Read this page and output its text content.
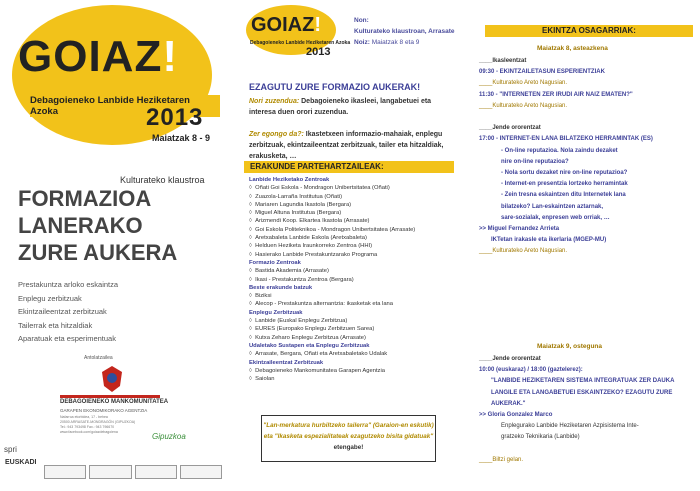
GOIAZ!
Debagoieneko Lanbide Heziketaren Azoka	2013
Maiatzak 8 - 9
Kulturateko klaustroa
FORMAZIOA
LANERAKO
ZURE AUKERA
Prestakuntza arloko eskaintza
Enplegu zerbitzuak
Ekintzaileentzat zerbitzuak
Tailerrak eta hitzaldiak
Aparatuak eta esperimentuak
Antolatzailea
DEBAGOIENEKO MANKOMUNITATEA
GARAPEN EKONOMIKORAKO AGENTZIA
Nafarroa etorbidea, 17 - behea
20500 ARRASATE-MONDRAGÓN (GIPUZKOA)
Tel.: 943 793498 Fax.: 943 796670
www.facebook.com/goiazdebagoiena
spri
EUSKADI
Gipuzkoa
GOIAZ!
Debagoieneko Lanbide Heziketaren Azoka
2013
Non:
Kulturateko klaustroan, Arrasate
Noiz: Maiatzak 8 eta 9
EZAGUTU ZURE FORMAZIO AUKERAK!
Nori zuzendua: Debagoieneko ikasleei, langabetuei eta interesa duen orori zuzendua.

Zer egongo da?: Ikastetxeen informazio-mahaiak, enplegu zerbitzuak, ekintzaileentzat zerbitzuak, tailer eta hitzaldiak, erakusketa, …
ERAKUNDE PARTEHARTZAILEAK:
Lanbide Heziketako Zentroak
◊  Oñati Goi Eskola - Mondragon Unibertsitatea (Oñati)
◊  Zuazola-Larraña Institutua (Oñati)
◊  Mariaren Lagundia Ikastola (Bergara)
◊  Miguel Altuna Institutua (Bergara)
◊  Arizmendi Koop. Elkartea Ikastola (Arrasate)
◊  Goi Eskola Politeknikoa - Mondragon Unibertsitatea (Arrasate)
◊  Aretxabaleta Lanbide Eskola (Aretxabaleta)
◊  Helduen Heziketa Iraunkorreko Zentroa (HHI)
◊  Hasierako Lanbide Prestakuntzarako Programa
Formazio Zentroak
◊  Bastida Akademia (Arrasate)
◊  Ikasi - Prestakuntza Zentroa (Bergara)
Beste erakunde batzuk
◊  Biziksi
◊  Alecop - Prestakuntza alternantzia: ikasketak eta lana
Enplegu Zerbitzuak
◊  Lanbide (Euskal Enplegu Zerbitzua)
◊  EURES (Europako Enplegu Zerbitzuen Sarea)
◊  Kutxa Zeharo Enplegu Zerbitzua (Arrasate)
Udaletako Sustapen eta Enplegu Zerbitzuak
◊  Arrasate, Bergara, Oñati eta Aretxabaletako Udalak
Ekintzaileentzat Zerbitzuak
◊  Debagoieneko Mankomunitatea Garapen Agentzia
◊  Saiolan
"Lan-merkatura hurbiltzeko tailerra" (Garaion-en eskutik)
eta "Ikasketa espezialitateak ezagutzeko bisita gidatuak"
etengabe!
EKINTZA OSAGARRIAK:
Maiatzak 8, asteazkena
____Ikasleentzat
09:30 - EKINTZAILETASUN ESPERIENTZIAK
____Kulturateko Areto Nagusian.
11:30 - "INTERNETEN ZER IRUDI AIR NAIZ EMATEN?"
____Kulturateko Areto Nagusian.

____Jende ororentzat
17:00 - INTERNET-EN LANA BILATZEKO HERRAMINTAK (ES)
- On-line reputazioa. Nola zaindu dezaket
nire on-line reputazioa?
- Nola sortu dezaket nire on-line reputazioa?
- Internet-en presentzia lortzeko herramintak
- Zein tresna eskaintzen ditu Internetek lana
bilatzeko? Lan-eskaintzen aztarnak,
sare-sozialak, enpresen web orriak, …
>> Miguel Fernandez Arrieta
IKTetan irakasle eta ikerlaria (MGEP-MU)
____Kulturateko Areto Nagusian.
Maiatzak 9, osteguna
____Jende ororentzat
10:00 (euskaraz) / 18:00 (gaztelerez):
"LANBIDE HEZIKETAREN SISTEMA INTEGRATUAK ZER DAUKA
LANGILE ETA LANGABETUEI ESKAINTZEKO? EZAGUTU ZURE
AUKERAK."
>> Gloria Gonzalez Marco
Enplegurako Lanbide Heziketaren Azpisistema Inte-
gratzeko Teknikaria (Lanbide)

____Biltzi gelan.
